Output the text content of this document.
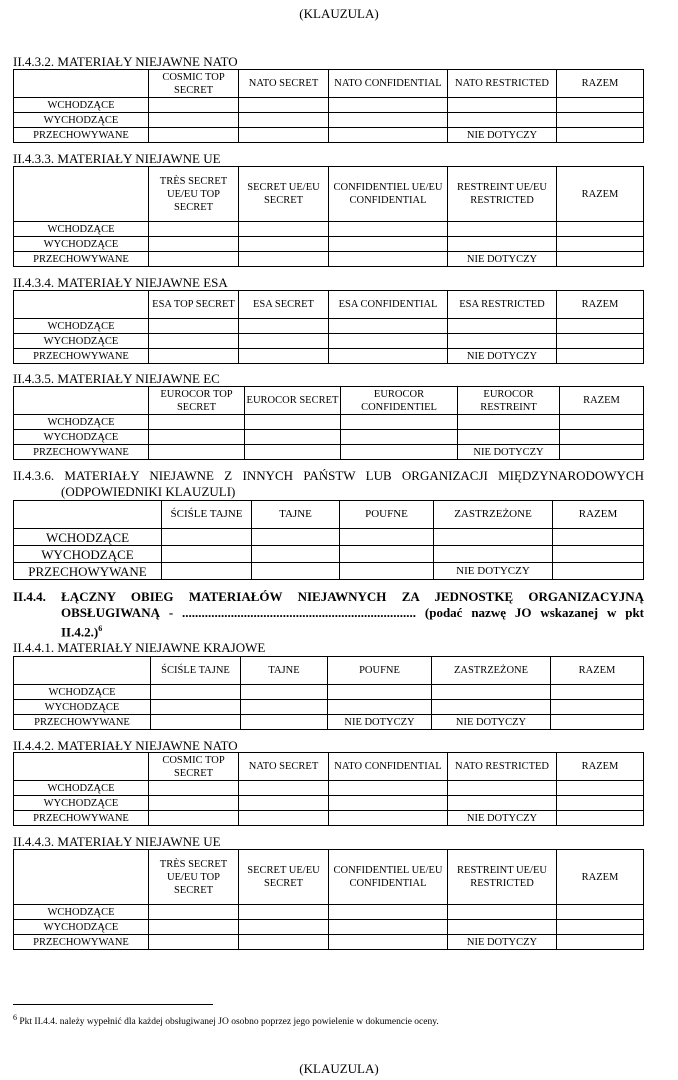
(KLAUZULA)
II.4.3.2. MATERIAŁY NIEJAWNE NATO
	COSMIC TOP SECRET	NATO SECRET	NATO CONFIDENTIAL	NATO RESTRICTED	RAZEM
WCHODZĄCE					
WYCHODZĄCE					
PRZECHOWYWANE				NIE DOTYCZY	
II.4.3.3. MATERIAŁY NIEJAWNE UE
	TRÈS SECRET UE/EU TOP SECRET	SECRET UE/EU SECRET	CONFIDENTIEL UE/EU CONFIDENTIAL	RESTREINT UE/EU RESTRICTED	RAZEM
WCHODZĄCE					
WYCHODZĄCE					
PRZECHOWYWANE				NIE DOTYCZY	
II.4.3.4. MATERIAŁY NIEJAWNE ESA
	ESA TOP SECRET	ESA SECRET	ESA CONFIDENTIAL	ESA RESTRICTED	RAZEM
WCHODZĄCE					
WYCHODZĄCE					
PRZECHOWYWANE				NIE DOTYCZY	
II.4.3.5. MATERIAŁY NIEJAWNE EC
	EUROCOR TOP SECRET	EUROCOR SECRET	EUROCOR CONFIDENTIEL	EUROCOR RESTREINT	RAZEM
WCHODZĄCE					
WYCHODZĄCE					
PRZECHOWYWANE				NIE DOTYCZY	
II.4.3.6. MATERIAŁY NIEJAWNE Z INNYCH PAŃSTW LUB ORGANIZACJI MIĘDZYNARODOWYCH
(ODPOWIEDNIKI KLAUZULI)
	ŚCIŚLE TAJNE	TAJNE	POUFNE	ZASTRZEŻONE	RAZEM
WCHODZĄCE					
WYCHODZĄCE					
PRZECHOWYWANE				NIE DOTYCZY	
II.4.4. ŁĄCZNY OBIEG MATERIAŁÓW NIEJAWNYCH ZA JEDNOSTKĘ ORGANIZACYJNĄ
OBSŁUGIWANĄ - ........................................................................ (podać nazwę JO wskazanej w pkt
II.4.2.)$^6$
II.4.4.1. MATERIAŁY NIEJAWNE KRAJOWE
	ŚCIŚLE TAJNE	TAJNE	POUFNE	ZASTRZEŻONE	RAZEM
WCHODZĄCE					
WYCHODZĄCE					
PRZECHOWYWANE			NIE DOTYCZY	NIE DOTYCZY	
II.4.4.2. MATERIAŁY NIEJAWNE NATO
	COSMIC TOP SECRET	NATO SECRET	NATO CONFIDENTIAL	NATO RESTRICTED	RAZEM
WCHODZĄCE					
WYCHODZĄCE					
PRZECHOWYWANE				NIE DOTYCZY	
II.4.4.3. MATERIAŁY NIEJAWNE UE
	TRÈS SECRET UE/EU TOP SECRET	SECRET UE/EU SECRET	CONFIDENTIEL UE/EU CONFIDENTIAL	RESTREINT UE/EU RESTRICTED	RAZEM
WCHODZĄCE					
WYCHODZĄCE					
PRZECHOWYWANE				NIE DOTYCZY	
$^6$ Pkt II.4.4. należy wypełnić dla każdej obsługiwanej JO osobno poprzez jego powielenie w dokumencie oceny.
(KLAUZULA)
